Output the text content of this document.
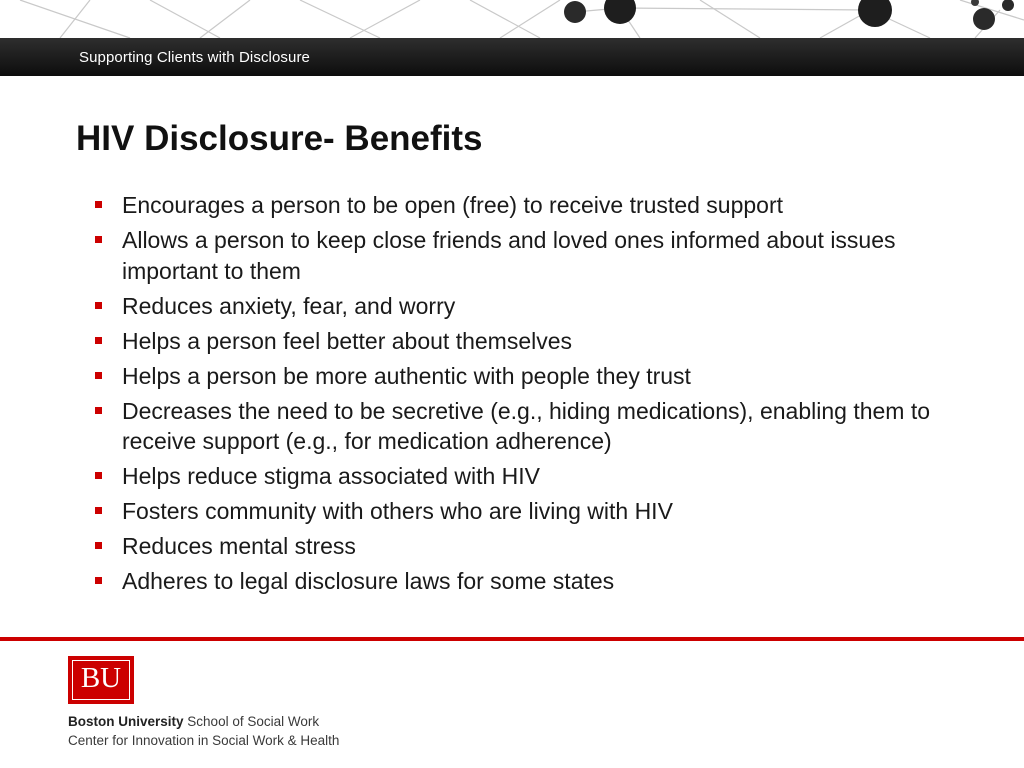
Supporting Clients with Disclosure
HIV Disclosure- Benefits
Encourages a person to be open (free) to receive trusted support
Allows a person to keep close friends and loved ones informed about issues important to them
Reduces anxiety, fear, and worry
Helps a person feel better about themselves
Helps a person be more authentic with people they trust
Decreases the need to be secretive (e.g., hiding medications), enabling them to receive support (e.g., for medication adherence)
Helps reduce stigma associated with HIV
Fosters community with others who are living with HIV
Reduces mental stress
Adheres to legal disclosure laws for some states
BU
Boston University School of Social Work
Center for Innovation in Social Work & Health
